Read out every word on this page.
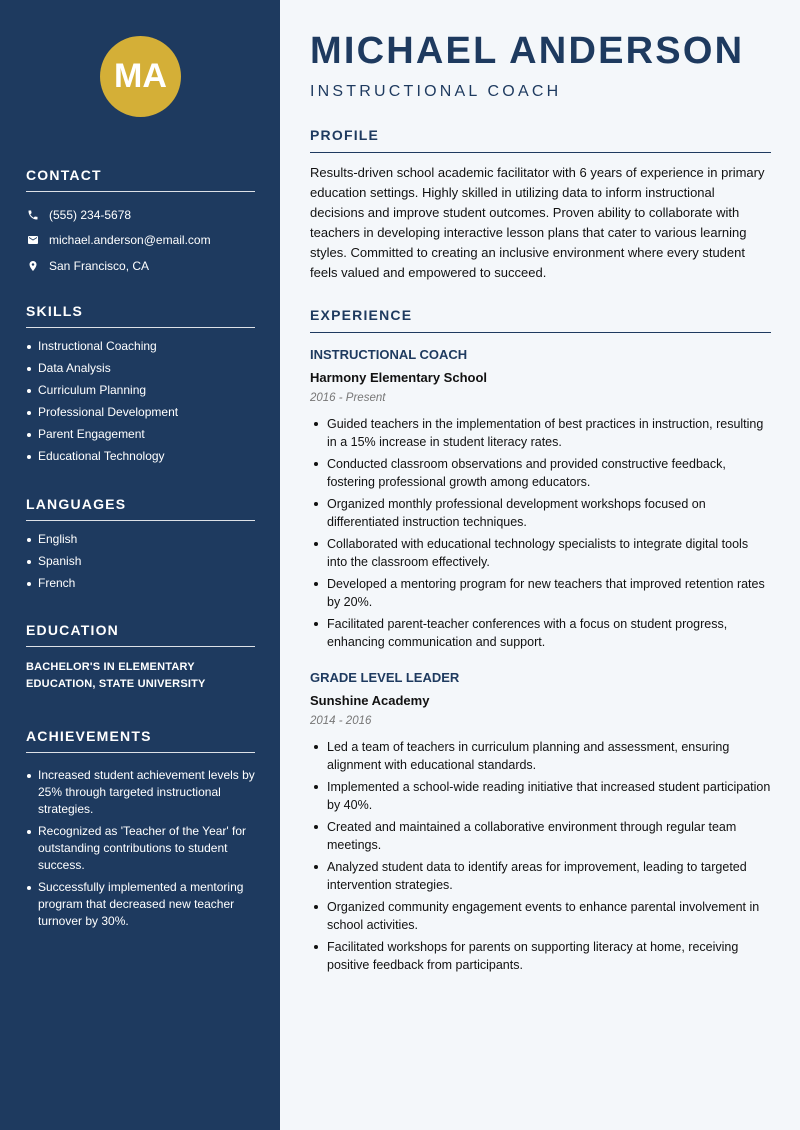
MA
CONTACT
(555) 234-5678
michael.anderson@email.com
San Francisco, CA
SKILLS
Instructional Coaching
Data Analysis
Curriculum Planning
Professional Development
Parent Engagement
Educational Technology
LANGUAGES
English
Spanish
French
EDUCATION
BACHELOR'S IN ELEMENTARY EDUCATION, STATE UNIVERSITY
ACHIEVEMENTS
Increased student achievement levels by 25% through targeted instructional strategies.
Recognized as 'Teacher of the Year' for outstanding contributions to student success.
Successfully implemented a mentoring program that decreased new teacher turnover by 30%.
MICHAEL ANDERSON
INSTRUCTIONAL COACH
PROFILE

Results-driven school academic facilitator with 6 years of experience in primary education settings. Highly skilled in utilizing data to inform instructional decisions and improve student outcomes. Proven ability to collaborate with teachers in developing interactive lesson plans that cater to various learning styles. Committed to creating an inclusive environment where every student feels valued and empowered to succeed.

EXPERIENCE
INSTRUCTIONAL COACH
Harmony Elementary School
2016 - Present
Guided teachers in the implementation of best practices in instruction, resulting in a 15% increase in student literacy rates.
Conducted classroom observations and provided constructive feedback, fostering professional growth among educators.
Organized monthly professional development workshops focused on differentiated instruction techniques.
Collaborated with educational technology specialists to integrate digital tools into the classroom effectively.
Developed a mentoring program for new teachers that improved retention rates by 20%.
Facilitated parent-teacher conferences with a focus on student progress, enhancing communication and support.
GRADE LEVEL LEADER
Sunshine Academy
2014 - 2016
Led a team of teachers in curriculum planning and assessment, ensuring alignment with educational standards.
Implemented a school-wide reading initiative that increased student participation by 40%.
Created and maintained a collaborative environment through regular team meetings.
Analyzed student data to identify areas for improvement, leading to targeted intervention strategies.
Organized community engagement events to enhance parental involvement in school activities.
Facilitated workshops for parents on supporting literacy at home, receiving positive feedback from participants.
